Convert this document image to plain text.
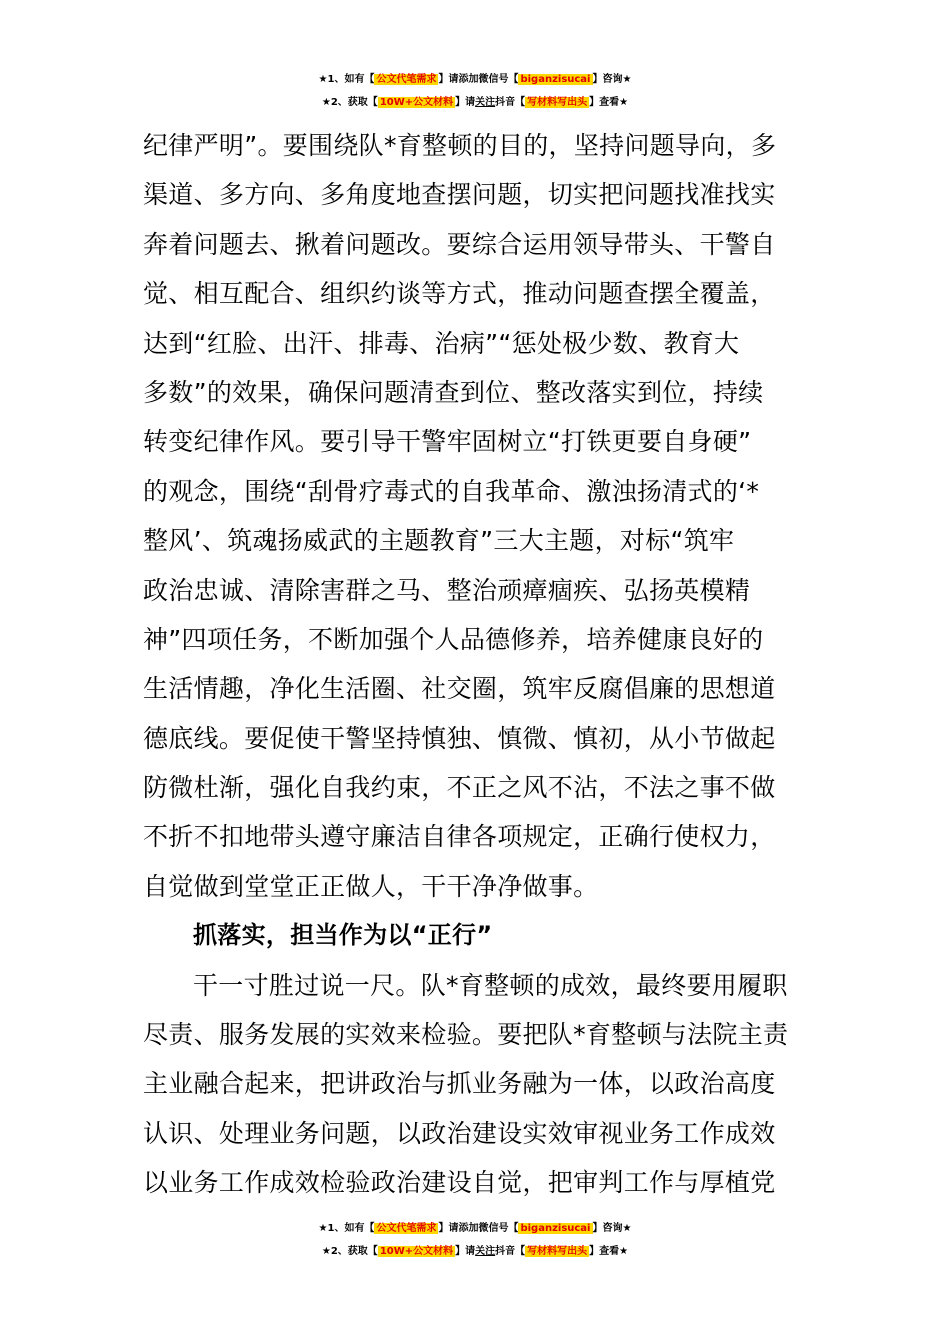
★1、如有【 公文代笔需求 】请添加微信号【 biganzisucai 】咨询★
★2、获取【 10W+公文材料 】请关注抖音【 写材料写出头 】查看★
纪律严明”。要围绕队*育整顿的目的，坚持问题导向，多
渠道、多方向、多角度地查摆问题，切实把问题找准找实
奔着问题去、揪着问题改。要综合运用领导带头、干警自
觉、相互配合、组织约谈等方式，推动问题查摆全覆盖，
达到“红脸、出汗、排毒、治病”“惩处极少数、教育大
多数”的效果，确保问题清查到位、整改落实到位，持续
转变纪律作风。要引导干警牢固树立“打铁更要自身硬”
的观念，围绕“刮骨疗毒式的自我革命、激浊扬清式的‘*
整风’、筑魂扬威武的主题教育”三大主题，对标“筑牢
政治忠诚、清除害群之马、整治顽瘴痼疾、弘扬英模精
神”四项任务，不断加强个人品德修养，培养健康良好的
生活情趣，净化生活圈、社交圈，筑牢反腐倡廉的思想道
德底线。要促使干警坚持慎独、慎微、慎初，从小节做起
防微杜渐，强化自我约束，不正之风不沾，不法之事不做
不折不扣地带头遵守廉洁自律各项规定，正确行使权力，
自觉做到堂堂正正做人，干干净净做事。
抓落实，担当作为以“正行”
干一寸胜过说一尺。队*育整顿的成效，最终要用履职
尽责、服务发展的实效来检验。要把队*育整顿与法院主责
主业融合起来，把讲政治与抓业务融为一体，以政治高度
认识、处理业务问题，以政治建设实效审视业务工作成效
以业务工作成效检验政治建设自觉，把审判工作与厚植党
★1、如有【 公文代笔需求 】请添加微信号【 biganzisucai 】咨询★
★2、获取【 10W+公文材料 】请关注抖音【 写材料写出头 】查看★
